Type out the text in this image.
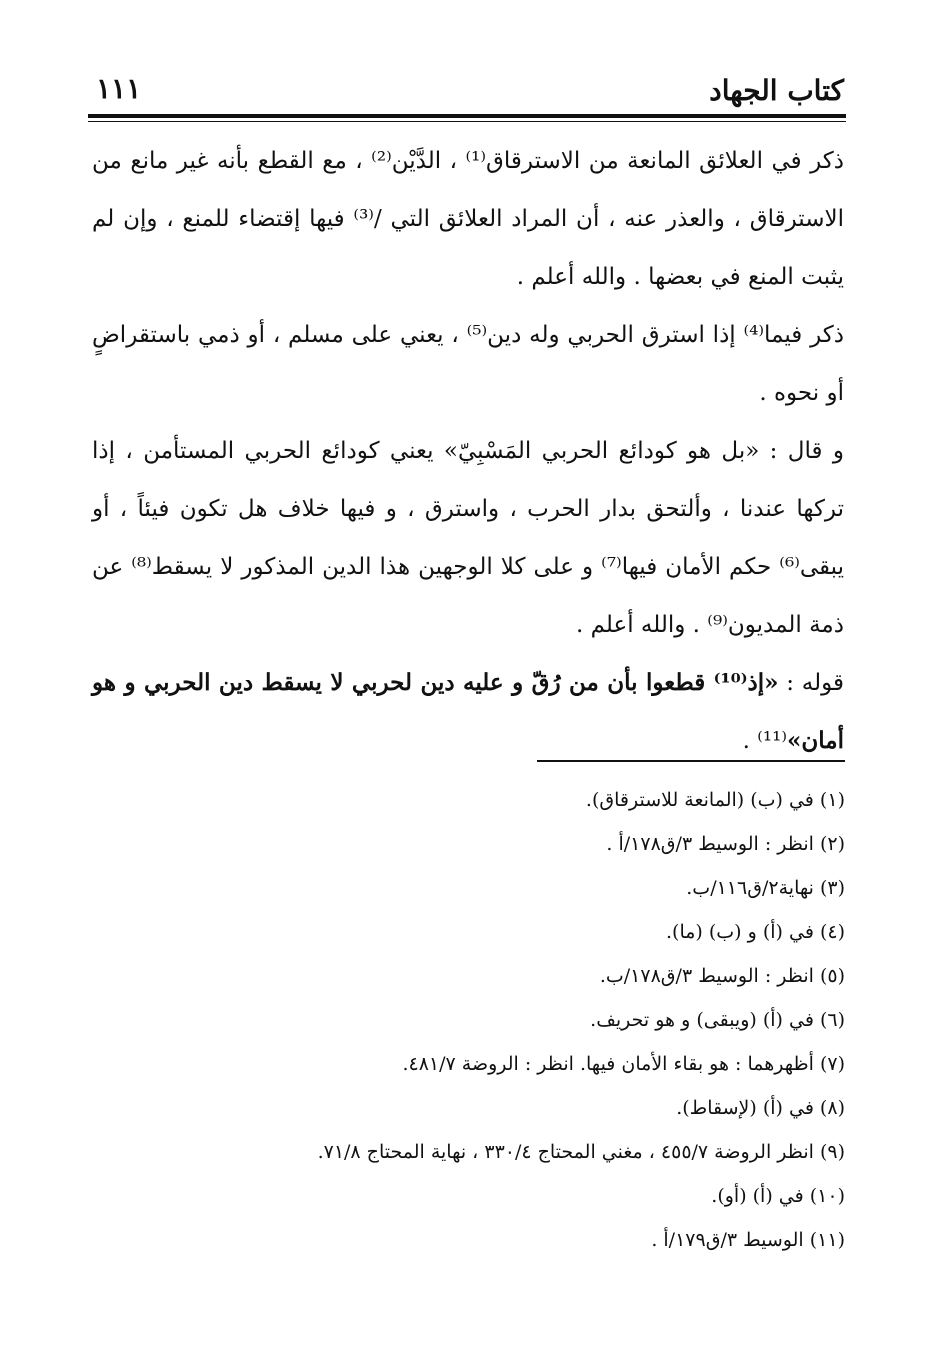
١١١	كتاب الجهاد

ذكر في العلائق المانعة من الاسترقاق⁽¹⁾ ، الدَّيْن⁽²⁾ ، مع القطع بأنه غير مانع من الاسترقاق ، والعذر عنه ، أن المراد العلائق التي /⁽³⁾ فيها إقتضاء للمنع ، وإن لم يثبت المنع في بعضها . والله أعلم .

ذكر فيما⁽⁴⁾ إذا استرق الحربي وله دين⁽⁵⁾ ، يعني على مسلم ، أو ذمي باستقراضٍ أو نحوه .

و قال : «بل هو كودائع الحربي المَسْبِيّ» يعني كودائع الحربي المستأمن ، إذا تركها عندنا ، وألتحق بدار الحرب ، واسترق ، و فيها خلاف هل تكون فيئاً ، أو يبقى⁽⁶⁾ حكم الأمان فيها⁽⁷⁾ و على كلا الوجهين هذا الدين المذكور لا يسقط⁽⁸⁾ عن ذمة المديون⁽⁹⁾ . والله أعلم .

قوله : «إذ⁽¹⁰⁾ قطعوا بأن من رُقّ و عليه دين لحربي لا يسقط دين الحربي و هو أمان»⁽¹¹⁾ .

(١) في (ب) (المانعة للاسترقاق).
(٢) انظر : الوسيط ٣/ق١٧٨/أ .
(٣) نهاية٢/ق١١٦/ب.
(٤) في (أ) و (ب) (ما).
(٥) انظر : الوسيط ٣/ق١٧٨/ب.
(٦) في (أ) (ويبقى) و هو تحريف.
(٧) أظهرهما : هو بقاء الأمان فيها. انظر : الروضة ٤٨١/٧.
(٨) في (أ) (لإسقاط).
(٩) انظر الروضة ٤٥٥/٧ ، مغني المحتاج ٣٣٠/٤ ، نهاية المحتاج ٧١/٨.
(١٠) في (أ) (أو).
(١١) الوسيط ٣/ق١٧٩/أ .
